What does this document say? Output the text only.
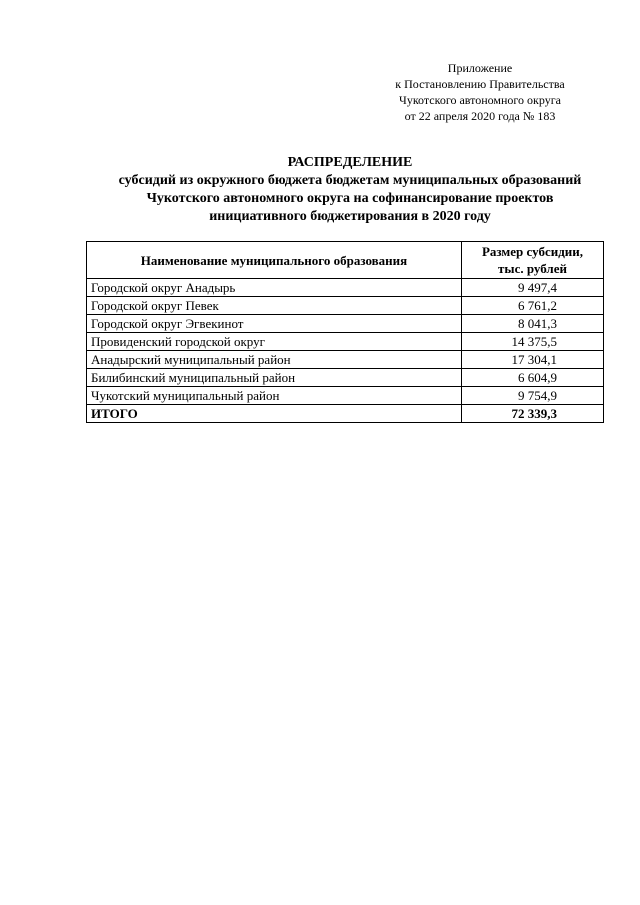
Приложение
к Постановлению Правительства
Чукотского автономного округа
от 22 апреля 2020 года № 183
РАСПРЕДЕЛЕНИЕ
субсидий из окружного бюджета бюджетам муниципальных образований
Чукотского автономного округа на софинансирование проектов
инициативного бюджетирования в 2020 году
Наименование муниципального образования	Размер субсидии,
тыс. рублей
Городской округ Анадырь	9 497,4
Городской округ Певек	6 761,2
Городской округ Эгвекинот	8 041,3
Провиденский городской округ	14 375,5
Анадырский муниципальный район	17 304,1
Билибинский муниципальный район	6 604,9
Чукотский муниципальный район	9 754,9
ИТОГО	72 339,3
